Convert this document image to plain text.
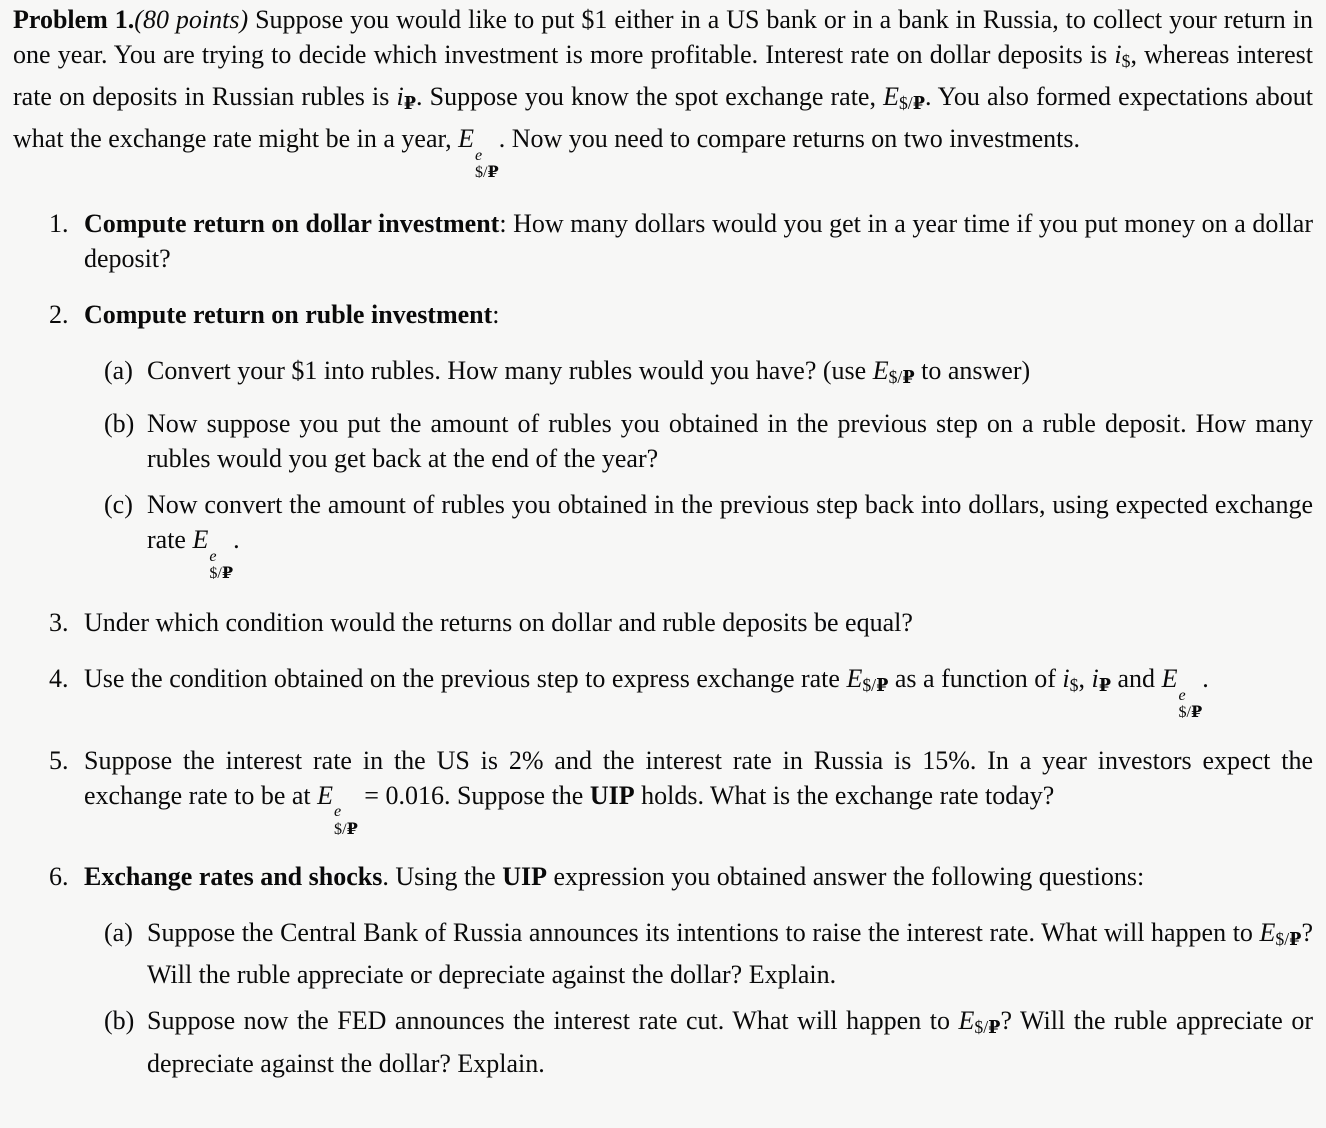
Problem 1.(80 points) Suppose you would like to put $1 either in a US bank or in a bank in Russia, to collect your return in one year. You are trying to decide which investment is more profitable. Interest rate on dollar deposits is i$, whereas interest rate on deposits in Russian rubles is i₽. Suppose you know the spot exchange rate, E$/₽. You also formed expectations about what the exchange rate might be in a year, E
e
$/₽
. Now you need to compare returns on two investments.

1. Compute return on dollar investment: How many dollars would you get in a year time if you put money on a dollar deposit?
2. Compute return on ruble investment:
(a) Convert your $1 into rubles. How many rubles would you have? (use E$/₽ to answer)
(b) Now suppose you put the amount of rubles you obtained in the previous step on a ruble deposit. How many rubles would you get back at the end of the year?
(c) Now convert the amount of rubles you obtained in the previous step back into dollars, using expected exchange rate E
e
$/₽
.
3. Under which condition would the returns on dollar and ruble deposits be equal?
4. Use the condition obtained on the previous step to express exchange rate E$/₽ as a function of i$, i₽ and E
e
$/₽
.
5. Suppose the interest rate in the US is 2% and the interest rate in Russia is 15%. In a year investors expect the exchange rate to be at E
e
$/₽
= 0.016. Suppose the UIP holds. What is the exchange rate today?
6. Exchange rates and shocks. Using the UIP expression you obtained answer the following questions:
(a) Suppose the Central Bank of Russia announces its intentions to raise the interest rate. What will happen to E$/₽? Will the ruble appreciate or depreciate against the dollar? Explain.
(b) Suppose now the FED announces the interest rate cut. What will happen to E$/₽? Will the ruble appreciate or depreciate against the dollar? Explain.
